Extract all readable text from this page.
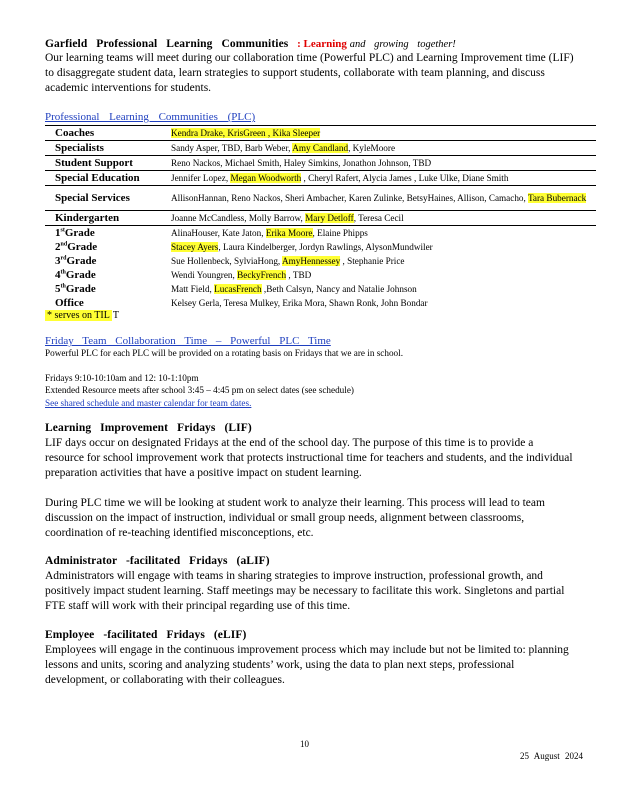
Garfield Professional Learning Communities : Learning and growing together!
Our learning teams will meet during our collaboration time (Powerful PLC) and Learning Improvement time (LIF) to disaggregate student data, learn strategies to support students, collaborate with team planning, and discuss academic interventions for students.
Professional Learning Communities (PLC)
Coaches	Kendra Drake, KrisGreen , Kika Sleeper
Specialists	Sandy Asper, TBD, Barb Weber, Amy Candland, KyleMoore
Student Support	Reno Nackos, Michael Smith, Haley Simkins, Jonathon Johnson, TBD
Special Education	Jennifer Lopez, Megan Woodworth , Cheryl Rafert, Alycia James , Luke Ulke, Diane Smith
Special Services	AllisonHannan, Reno Nackos, Sheri Ambacher, Karen Zulinke, BetsyHaines, Allison, Camacho, Tara Bubernack
Kindergarten	Joanne McCandless, Molly Barrow, Mary Detloff, Teresa Cecil
1stGrade	AlinaHouser, Kate Jaton, Erika Moore, Elaine Phipps
2ndGrade	Stacey Ayers, Laura Kindelberger, Jordyn Rawlings, AlysonMundwiler
3rdGrade	Sue Hollenbeck, SylviaHong, AmyHennessey , Stephanie Price
4thGrade	Wendi Youngren, BeckyFrench , TBD
5thGrade	Matt Field, LucasFrench ,Beth Calsyn, Nancy and Natalie Johnson
Office	Kelsey Gerla, Teresa Mulkey, Erika Mora, Shawn Ronk, John Bondar
* serves on TIL T
Friday Team Collaboration Time – Powerful PLC Time
Powerful PLC for each PLC will be provided on a rotating basis on Fridays that we are in school.
Fridays 9:10-10:10am and 12: 10-1:10pm
Extended Resource meets after school 3:45 – 4:45 pm on select dates (see schedule)
See shared schedule and master calendar for team dates.
Learning Improvement Fridays (LIF)
LIF days occur on designated Fridays at the end of the school day. The purpose of this time is to provide a resource for school improvement work that protects instructional time for teachers and students, and the individual preparation activities that have a positive impact on student learning.
During PLC time we will be looking at student work to analyze their learning. This process will lead to team discussion on the impact of instruction, individual or small group needs, alignment between classrooms, coordination of re-teaching identified misconceptions, etc.
Administrator -facilitated Fridays (aLIF)
Administrators will engage with teams in sharing strategies to improve instruction, professional growth, and positively impact student learning. Staff meetings may be necessary to facilitate this work. Singletons and partial FTE staff will work with their principal regarding use of this time.
Employee -facilitated Fridays (eLIF)
Employees will engage in the continuous improvement process which may include but not be limited to: planning lessons and units, scoring and analyzing students’ work, using the data to plan next steps, professional development, or collaborating with their colleagues.
10
25 August 2024
